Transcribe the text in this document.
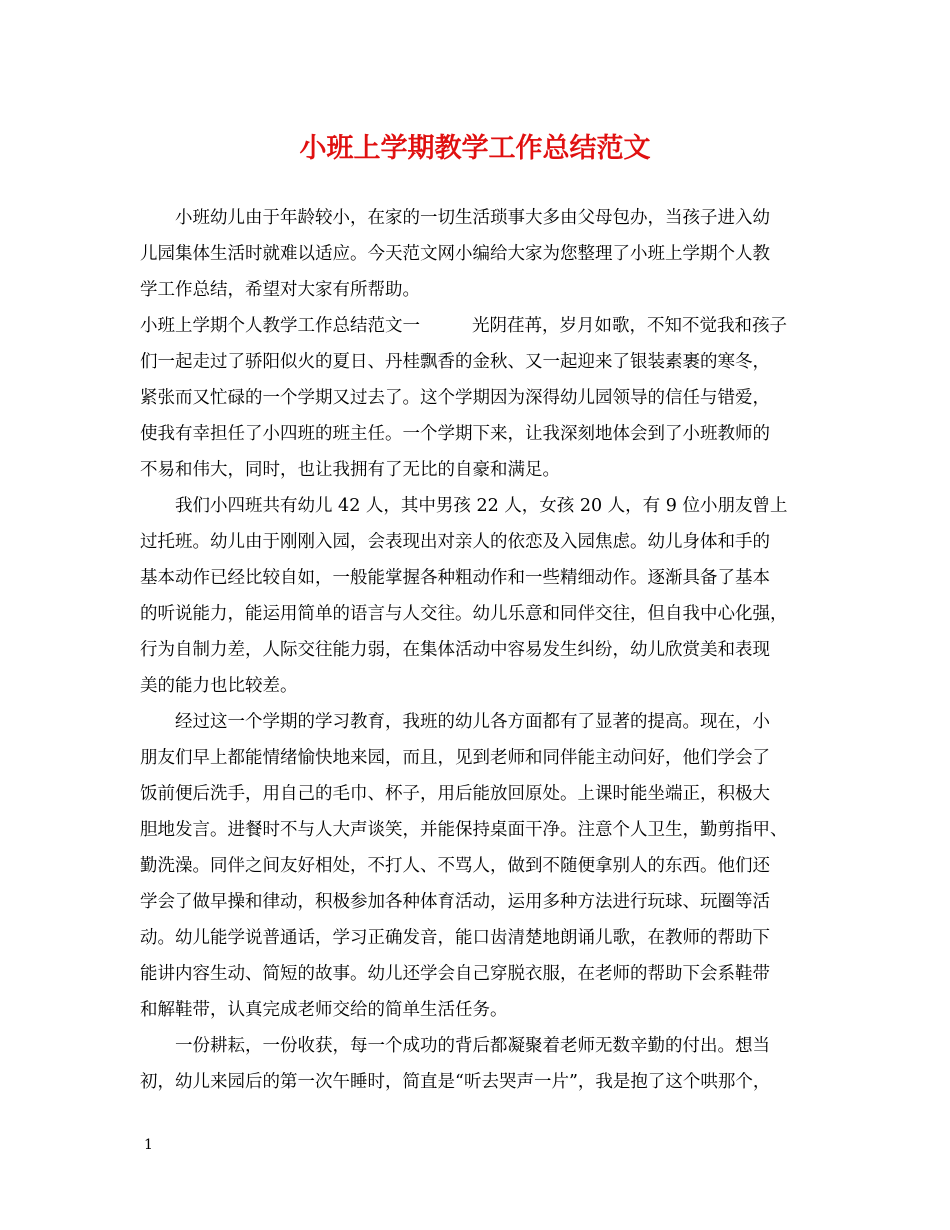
小班上学期教学工作总结范文
小班幼儿由于年龄较小，在家的一切生活琐事大多由父母包办，当孩子进入幼
儿园集体生活时就难以适应。今天范文网小编给大家为您整理了小班上学期个人教
学工作总结，希望对大家有所帮助。
小班上学期个人教学工作总结范文一	光阴荏苒，岁月如歌，不知不觉我和孩子
们一起走过了骄阳似火的夏日、丹桂飘香的金秋、又一起迎来了银装素裹的寒冬，
紧张而又忙碌的一个学期又过去了。这个学期因为深得幼儿园领导的信任与错爱，
使我有幸担任了小四班的班主任。一个学期下来，让我深刻地体会到了小班教师的
不易和伟大，同时，也让我拥有了无比的自豪和满足。
我们小四班共有幼儿 42 人，其中男孩 22 人，女孩 20 人，有 9 位小朋友曾上
过托班。幼儿由于刚刚入园，会表现出对亲人的依恋及入园焦虑。幼儿身体和手的
基本动作已经比较自如，一般能掌握各种粗动作和一些精细动作。逐渐具备了基本
的听说能力，能运用简单的语言与人交往。幼儿乐意和同伴交往，但自我中心化强，
行为自制力差，人际交往能力弱，在集体活动中容易发生纠纷，幼儿欣赏美和表现
美的能力也比较差。
经过这一个学期的学习教育，我班的幼儿各方面都有了显著的提高。现在，小
朋友们早上都能情绪愉快地来园，而且，见到老师和同伴能主动问好，他们学会了
饭前便后洗手，用自己的毛巾、杯子，用后能放回原处。上课时能坐端正，积极大
胆地发言。进餐时不与人大声谈笑，并能保持桌面干净。注意个人卫生，勤剪指甲、
勤洗澡。同伴之间友好相处，不打人、不骂人，做到不随便拿别人的东西。他们还
学会了做早操和律动，积极参加各种体育活动，运用多种方法进行玩球、玩圈等活
动。幼儿能学说普通话，学习正确发音，能口齿清楚地朗诵儿歌，在教师的帮助下
能讲内容生动、简短的故事。幼儿还学会自己穿脱衣服，在老师的帮助下会系鞋带
和解鞋带，认真完成老师交给的简单生活任务。
一份耕耘，一份收获，每一个成功的背后都凝聚着老师无数辛勤的付出。想当
初，幼儿来园后的第一次午睡时，简直是“听去哭声一片”，我是抱了这个哄那个，
1
